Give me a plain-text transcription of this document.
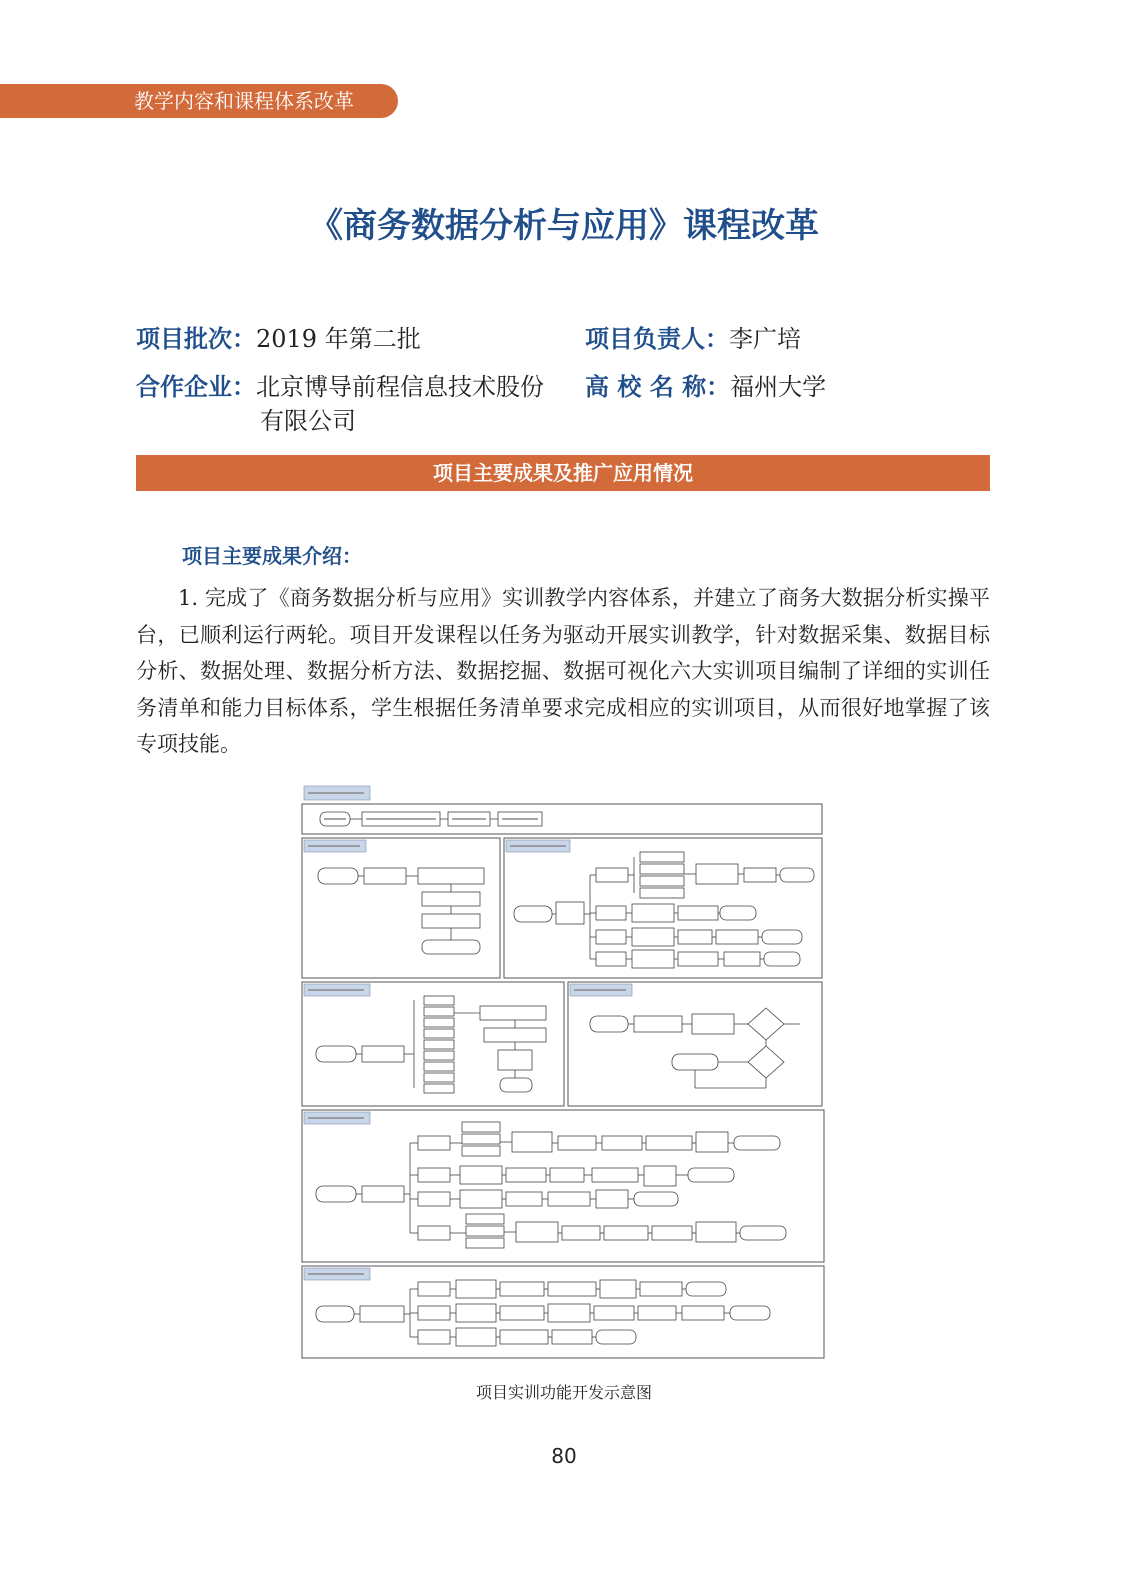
教学内容和课程体系改革
《商务数据分析与应用》课程改革
项目批次：2019 年第二批	项目负责人：李广培
合作企业：北京博导前程信息技术股份
有限公司
高 校 名 称：福州大学
项目主要成果及推广应用情况
项目主要成果介绍：
1. 完成了《商务数据分析与应用》实训教学内容体系，并建立了商务大数据分析实操平台，已顺利运行两轮。项目开发课程以任务为驱动开展实训教学，针对数据采集、数据目标分析、数据处理、数据分析方法、数据挖掘、数据可视化六大实训项目编制了详细的实训任务清单和能力目标体系，学生根据任务清单要求完成相应的实训项目，从而很好地掌握了该专项技能。
项目实训功能开发示意图
80
